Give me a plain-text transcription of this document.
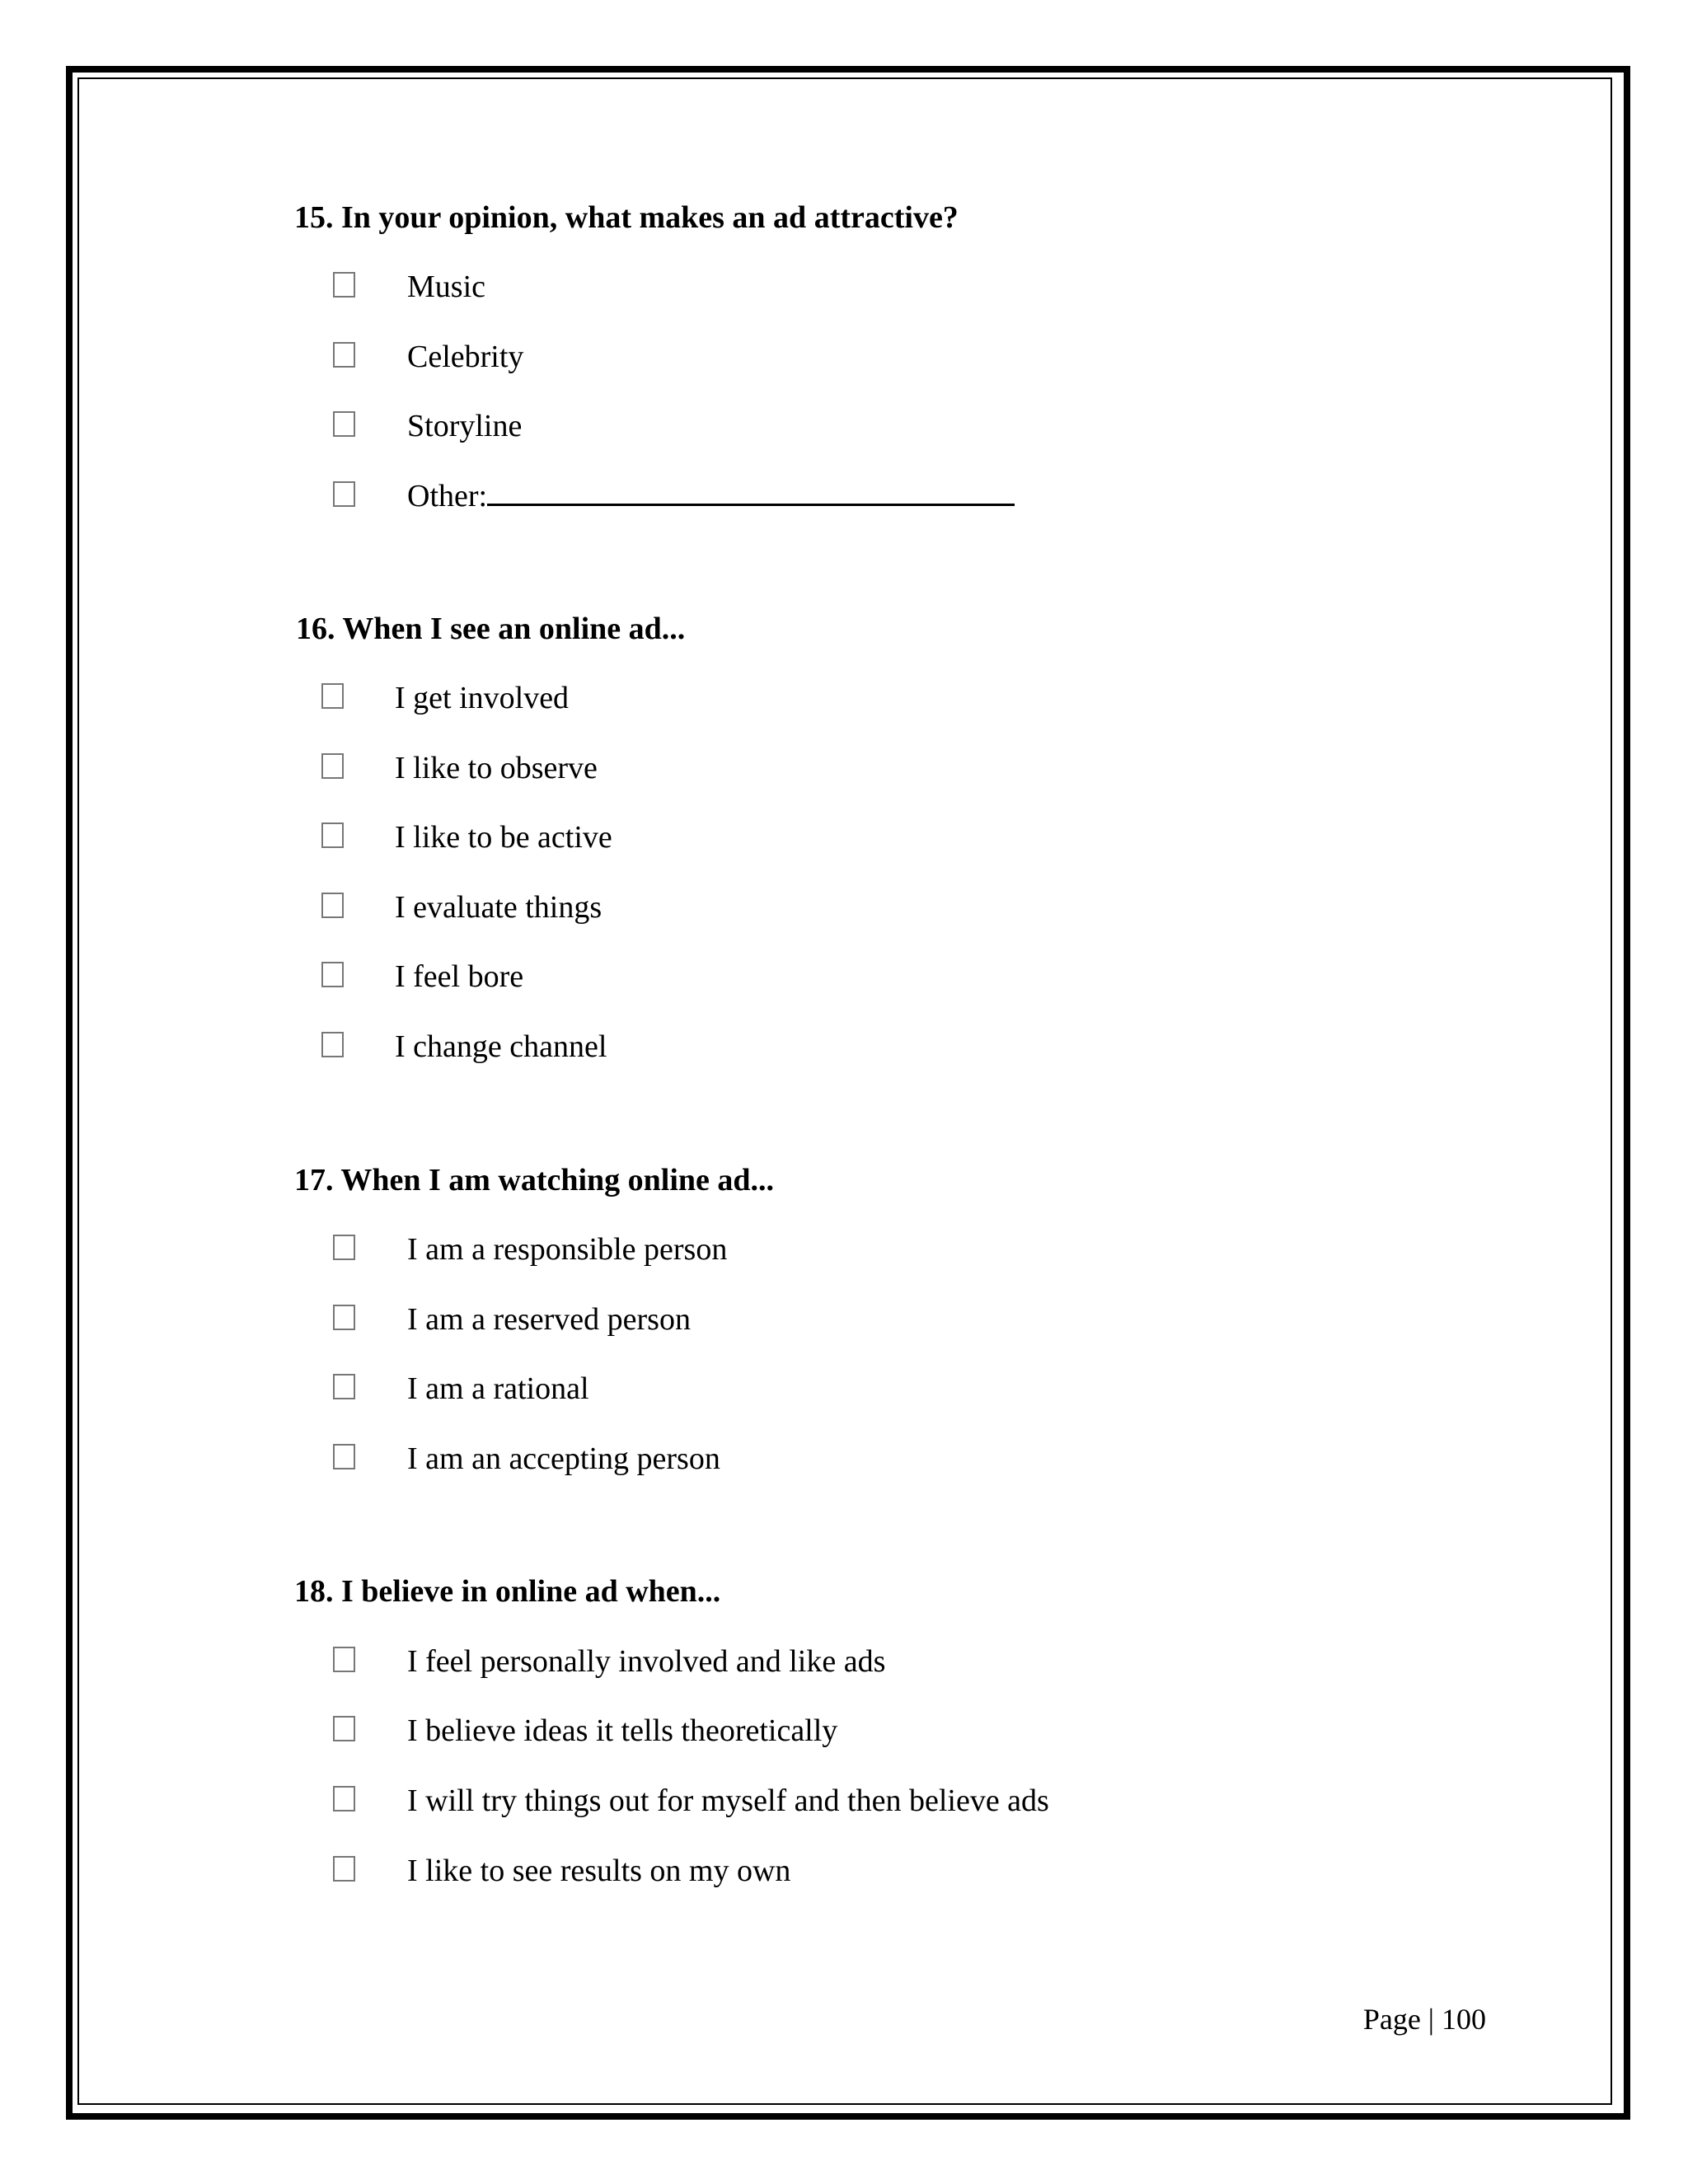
15. In your opinion, what makes an ad attractive?
Music
Celebrity
Storyline
Other:
16. When I see an online ad...
I get involved
I like to observe
I like to be active
I evaluate things
I feel bore
I change channel
17. When I am watching online ad...
I am a responsible person
I am a reserved person
I am a rational
I am an accepting person
18. I believe in online ad when...
I feel personally involved and like ads
I believe ideas it tells theoretically
I will try things out for myself and then believe ads
I like to see results on my own
Page | 100
